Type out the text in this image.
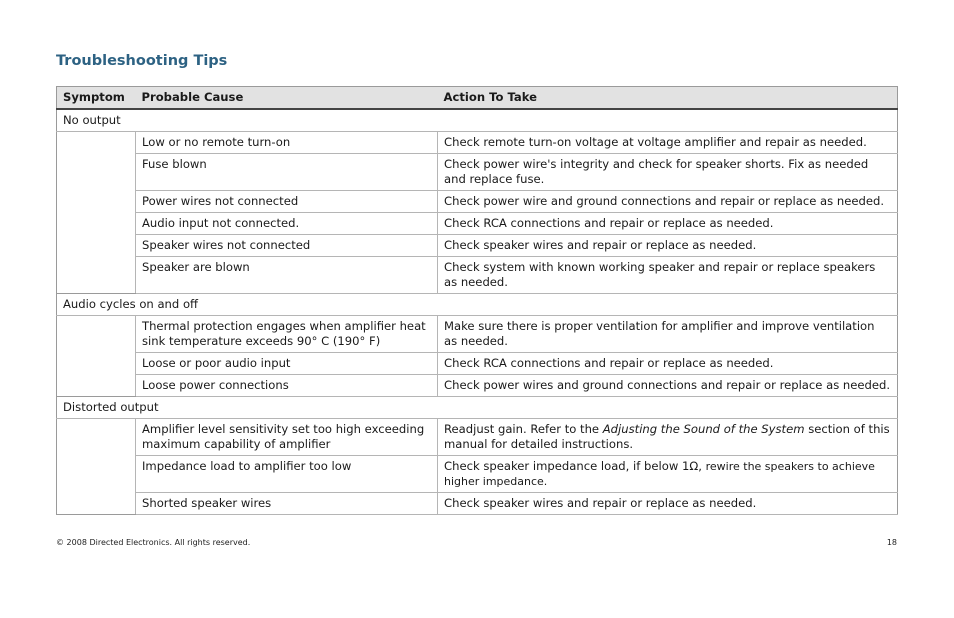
Troubleshooting Tips
Symptom	Probable Cause	Action To Take
No output		
	Low or no remote turn-on	Check remote turn-on voltage at voltage amplifier and repair as needed.
	Fuse blown	Check power wire's integrity and check for speaker shorts. Fix as needed and replace fuse.
	Power wires not connected	Check power wire and ground connections and repair or replace as needed.
	Audio input not connected.	Check RCA connections and repair or replace as needed.
	Speaker wires not connected	Check speaker wires and repair or replace as needed.
	Speaker are blown	Check system with known working speaker and repair or replace speakers as needed.
Audio cycles on and off		
	Thermal protection engages when amplifier heat sink temperature exceeds 90° C (190° F)	Make sure there is proper ventilation for amplifier and improve ventilation as needed.
	Loose or poor audio input	Check RCA connections and repair or replace as needed.
	Loose power connections	Check power wires and ground connections and repair or replace as needed.
Distorted output		
	Amplifier level sensitivity set too high exceeding maximum capability of amplifier	Readjust gain. Refer to the Adjusting the Sound of the System section of this manual for detailed instructions.
	Impedance load to amplifier too low	Check speaker impedance load, if below 1Ω, rewire the speakers to achieve higher impedance.
	Shorted speaker wires	Check speaker wires and repair or replace as needed.
© 2008 Directed Electronics. All rights reserved.	18
